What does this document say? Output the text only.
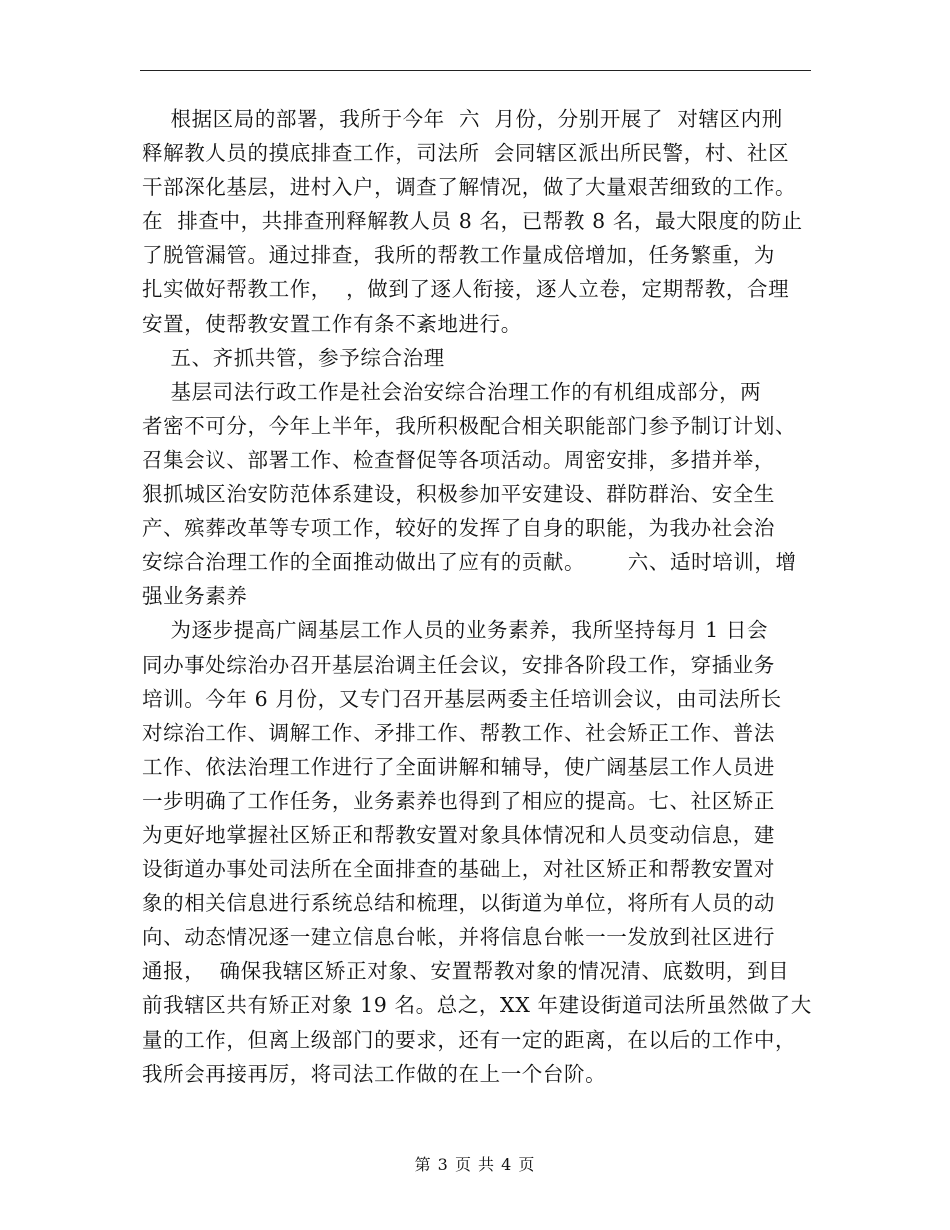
根据区局的部署，我所于今年  六  月份，分别开展了  对辖区内刑
释解教人员的摸底排查工作，司法所  会同辖区派出所民警，村、社区
干部深化基层，进村入户，调查了解情况，做了大量艰苦细致的工作。
在  排查中，共排查刑释解教人员 8 名，已帮教 8 名，最大限度的防止
了脱管漏管。通过排查，我所的帮教工作量成倍增加，任务繁重，为
扎实做好帮教工作，  ，做到了逐人衔接，逐人立卷，定期帮教，合理
安置，使帮教安置工作有条不紊地进行。
五、齐抓共管，参予综合治理
基层司法行政工作是社会治安综合治理工作的有机组成部分，两
者密不可分，今年上半年，我所积极配合相关职能部门参予制订计划、
召集会议、部署工作、检查督促等各项活动。周密安排，多措并举，
狠抓城区治安防范体系建设，积极参加平安建设、群防群治、安全生
产、殡葬改革等专项工作，较好的发挥了自身的职能，为我办社会治
安综合治理工作的全面推动做出了应有的贡献。      六、适时培训，增
强业务素养
为逐步提高广阔基层工作人员的业务素养，我所坚持每月 1 日会
同办事处综治办召开基层治调主任会议，安排各阶段工作，穿插业务
培训。今年 6 月份，又专门召开基层两委主任培训会议，由司法所长
对综治工作、调解工作、矛排工作、帮教工作、社会矫正工作、普法
工作、依法治理工作进行了全面讲解和辅导，使广阔基层工作人员进
一步明确了工作任务，业务素养也得到了相应的提高。七、社区矫正
为更好地掌握社区矫正和帮教安置对象具体情况和人员变动信息，建
设街道办事处司法所在全面排查的基础上，对社区矫正和帮教安置对
象的相关信息进行系统总结和梳理，以街道为单位，将所有人员的动
向、动态情况逐一建立信息台帐，并将信息台帐一一发放到社区进行
通报，  确保我辖区矫正对象、安置帮教对象的情况清、底数明，到目
前我辖区共有矫正对象 19 名。总之，XX 年建设街道司法所虽然做了大
量的工作，但离上级部门的要求，还有一定的距离，在以后的工作中，
我所会再接再厉，将司法工作做的在上一个台阶。
第 3 页 共 4 页
